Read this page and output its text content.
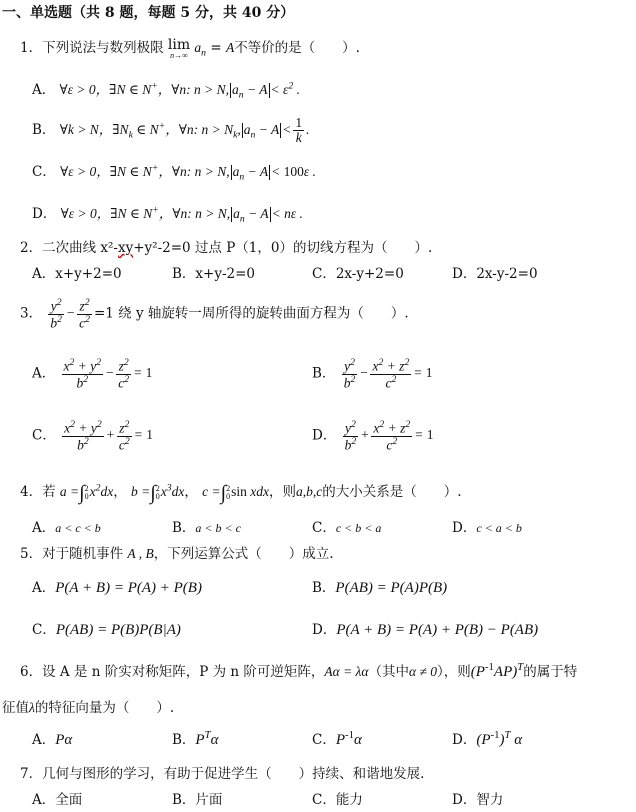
一、单选题（共 8 题，每题 5 分，共 40 分）
1．下列说法与数列极限 lim
n→∞ $a_n = A$不等价的是（　　）.
A． ∀ε > 0，∃N ∈ N+，∀n: n > N, $a_n - A < \varepsilon^2$ .
B． ∀k > N，$\exists N_k$ ∈ N+，∀n: $n > N_k$, $a_n - A < \frac{1}{k}$ .
C． ∀ε > 0，∃N ∈ N+，∀n: n > N, $a_n - A < 100\varepsilon$ .
D． ∀ε > 0，∃N ∈ N+，∀n: n > N, $a_n - A < n\varepsilon$ .
2．二次曲线 x²-xy+y²-2=0 过点 P（1，0）的切线方程为（　　）.
A．x+y+2=0	B．x+y-2=0	C．2x-y+2=0	D．2x-y-2=0
3． $\frac{y^2}{b^2} - \frac{z^2}{c^2} =1$ 绕 y 轴旋转一周所得的旋转曲面方程为（　　）.
A． $\frac{x^2 + y^2}{b^2} - \frac{z^2}{c^2} = 1$	B． $\frac{y^2}{b^2} - \frac{x^2 + z^2}{c^2} = 1$
C． $\frac{x^2 + y^2}{b^2} + \frac{z^2}{c^2} = 1$	D． $\frac{y^2}{b^2} + \frac{x^2 + z^2}{c^2} = 1$
4．若 a =∫ 2
0 $x^2dx$， b =∫ 2
0 $x^3dx$， c =∫ 2
0 sin xdx，则a,b,c的大小关系是（　　）.
A．a < c < b	B．a < b < c	C．c < b < a	D．c < a < b
5．对于随机事件 A , B，下列运算公式（　　）成立.
A．P(A + B) = P(A) + P(B)	B．P(AB) = P(A)P(B)
C．P(AB) = P(B)P(B|A)	D．P(A + B) = P(A) + P(B) − P(AB)
6．设 A 是 n 阶实对称矩阵，P 为 n 阶可逆矩阵，Aα = λα（其中α ≠ 0），则$(P^{-1}AP)^T$的属于特
征值λ的特征向量为（　　）.
A．Pα	B．$P^T\alpha$	C．$P^{-1}\alpha$	D．$(P^{-1})^T$ α
7．几何与图形的学习，有助于促进学生（　　）持续、和谐地发展.
A．全面	B．片面	C．能力	D．智力
